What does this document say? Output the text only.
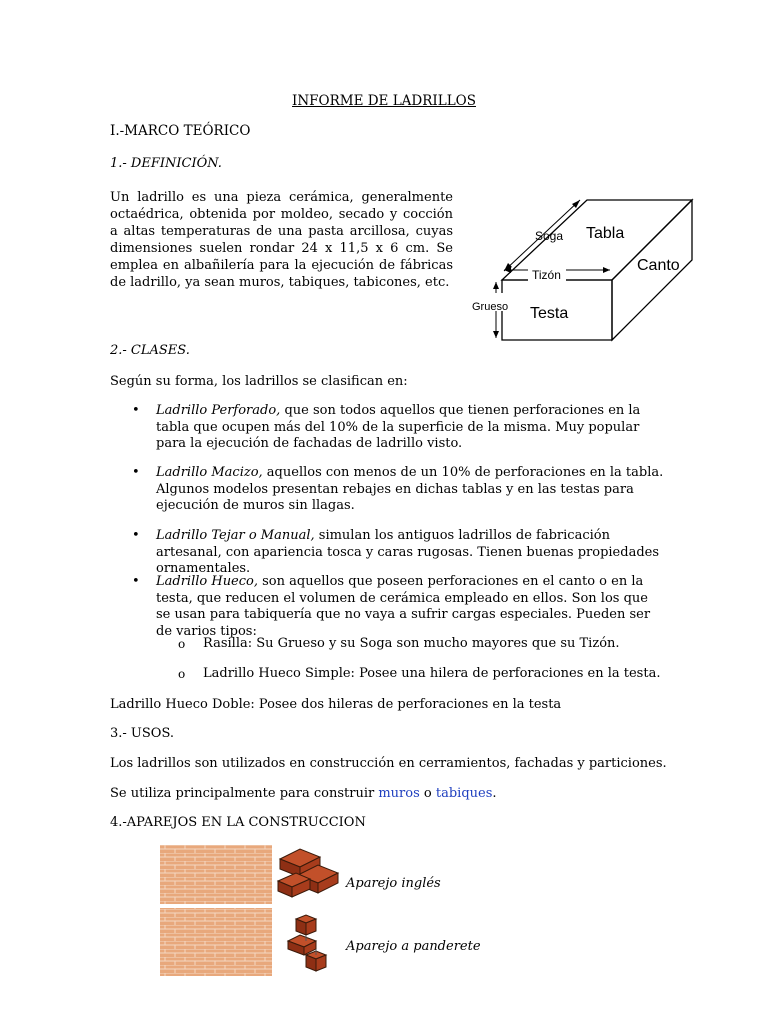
INFORME DE LADRILLOS
I.-MARCO TEÓRICO
1.- DEFINICIÓN.
Un ladrillo es una pieza cerámica, generalmente octaédrica, obtenida por moldeo, secado y cocción a altas temperaturas de una pasta arcillosa, cuyas dimensiones suelen rondar 24 x 11,5 x 6 cm. Se emplea en albañilería para la ejecución de fábricas de ladrillo, ya sean muros, tabiques, tabicones, etc.
Soga Tabla
Canto
Tizón
Grueso Testa
2.- CLASES.
Según su forma, los ladrillos se clasifican en:
• Ladrillo Perforado, que son todos aquellos que tienen perforaciones en la tabla que ocupen más del 10% de la superficie de la misma. Muy popular para la ejecución de fachadas de ladrillo visto.
• Ladrillo Macizo, aquellos con menos de un 10% de perforaciones en la tabla. Algunos modelos presentan rebajes en dichas tablas y en las testas para ejecución de muros sin llagas.
• Ladrillo Tejar o Manual, simulan los antiguos ladrillos de fabricación artesanal, con apariencia tosca y caras rugosas. Tienen buenas propiedades ornamentales.
• Ladrillo Hueco, son aquellos que poseen perforaciones en el canto o en la testa, que reducen el volumen de cerámica empleado en ellos. Son los que se usan para tabiquería que no vaya a sufrir cargas especiales. Pueden ser de varios tipos:
o Rasilla: Su Grueso y su Soga son mucho mayores que su Tizón.
o Ladrillo Hueco Simple: Posee una hilera de perforaciones en la testa.
Ladrillo Hueco Doble: Posee dos hileras de perforaciones en la testa
3.- USOS.
Los ladrillos son utilizados en construcción en cerramientos, fachadas y particiones.
Se utiliza principalmente para construir muros o tabiques.
4.-APAREJOS EN LA CONSTRUCCION
Aparejo inglés
Aparejo a panderete
